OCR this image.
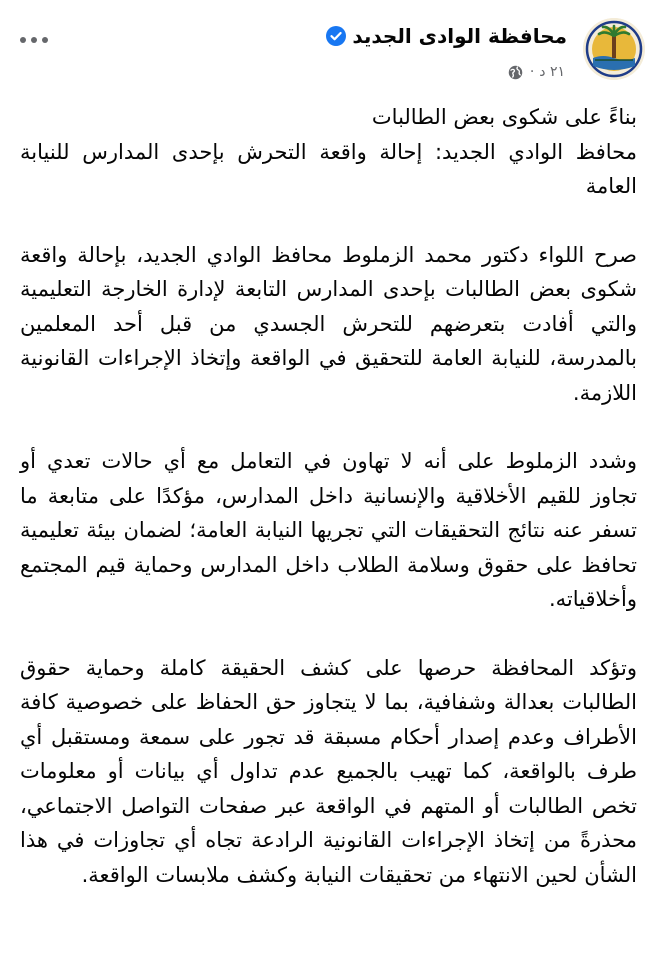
محافظة الوادى الجديد
٢١ د
·

بناءً على شكوى بعض الطالبات

محافظ الوادي الجديد: إحالة واقعة التحرش بإحدى المدارس للنيابة العامة

صرح اللواء دكتور محمد الزملوط محافظ الوادي الجديد، بإحالة واقعة شكوى بعض الطالبات بإحدى المدارس التابعة لإدارة الخارجة التعليمية والتي أفادت بتعرضهم للتحرش الجسدي من قبل أحد المعلمين بالمدرسة، للنيابة العامة للتحقيق في الواقعة وإتخاذ الإجراءات القانونية اللازمة.

وشدد الزملوط على أنه لا تهاون في التعامل مع أي حالات تعدي أو تجاوز للقيم الأخلاقية والإنسانية داخل المدارس، مؤكدًا على متابعة ما تسفر عنه نتائج التحقيقات التي تجريها النيابة العامة؛ لضمان بيئة تعليمية تحافظ على حقوق وسلامة الطلاب داخل المدارس وحماية قيم المجتمع وأخلاقياته.

وتؤكد المحافظة حرصها على كشف الحقيقة كاملة وحماية حقوق الطالبات بعدالة وشفافية، بما لا يتجاوز حق الحفاظ على خصوصية كافة الأطراف وعدم إصدار أحكام مسبقة قد تجور على سمعة ومستقبل أي طرف بالواقعة، كما تهيب بالجميع عدم تداول أي بيانات أو معلومات تخص الطالبات أو المتهم في الواقعة عبر صفحات التواصل الاجتماعي، محذرةً من إتخاذ الإجراءات القانونية الرادعة تجاه أي تجاوزات في هذا الشأن لحين الانتهاء من تحقيقات النيابة وكشف ملابسات الواقعة.
